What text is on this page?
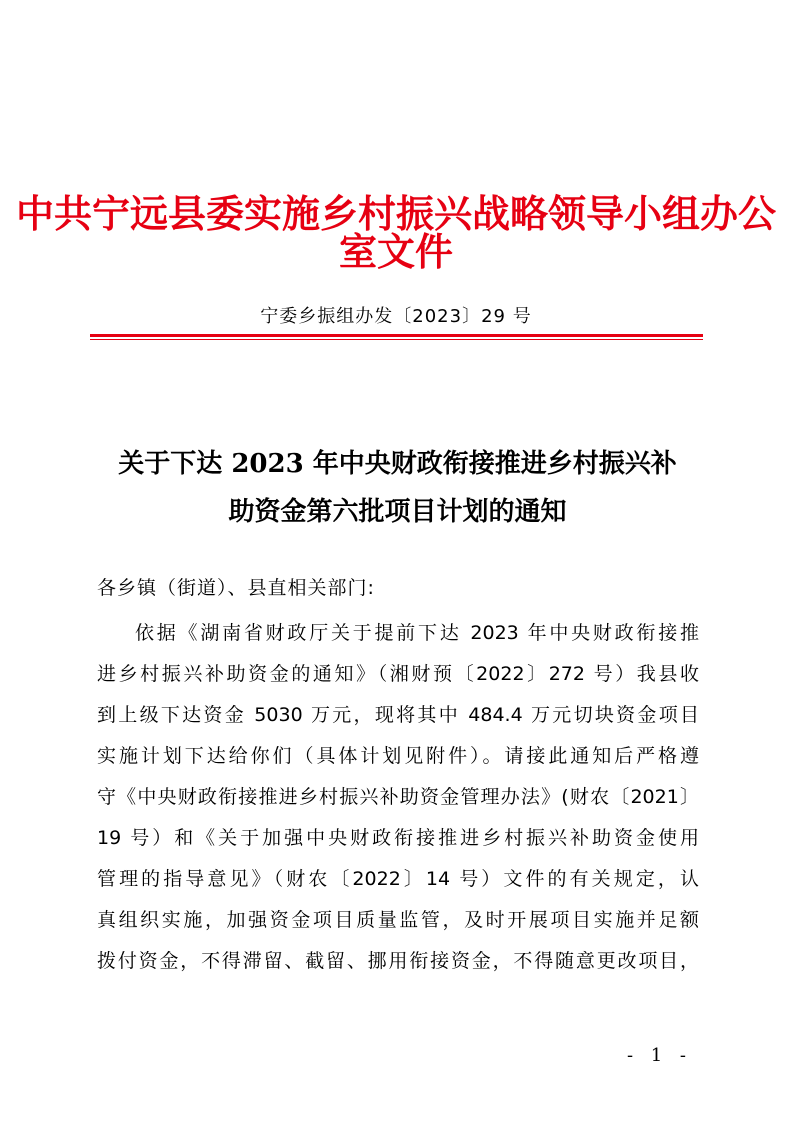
中共宁远县委实施乡村振兴战略领导小组办公室文件
宁委乡振组办发〔2023〕29 号
关于下达 2023 年中央财政衔接推进乡村振兴补
助资金第六批项目计划的通知
各乡镇（街道）、县直相关部门:
依据《湖南省财政厅关于提前下达 2023 年中央财政衔接推
进乡村振兴补助资金的通知》（湘财预〔2022〕272 号）我县收
到上级下达资金 5030 万元，现将其中 484.4 万元切块资金项目
实施计划下达给你们（具体计划见附件）。请接此通知后严格遵
守《中央财政衔接推进乡村振兴补助资金管理办法》(财农〔2021〕
19 号）和《关于加强中央财政衔接推进乡村振兴补助资金使用
管理的指导意见》（财农〔2022〕14 号）文件的有关规定，认
真组织实施，加强资金项目质量监管，及时开展项目实施并足额
拨付资金，不得滞留、截留、挪用衔接资金，不得随意更改项目，
- 1 -
